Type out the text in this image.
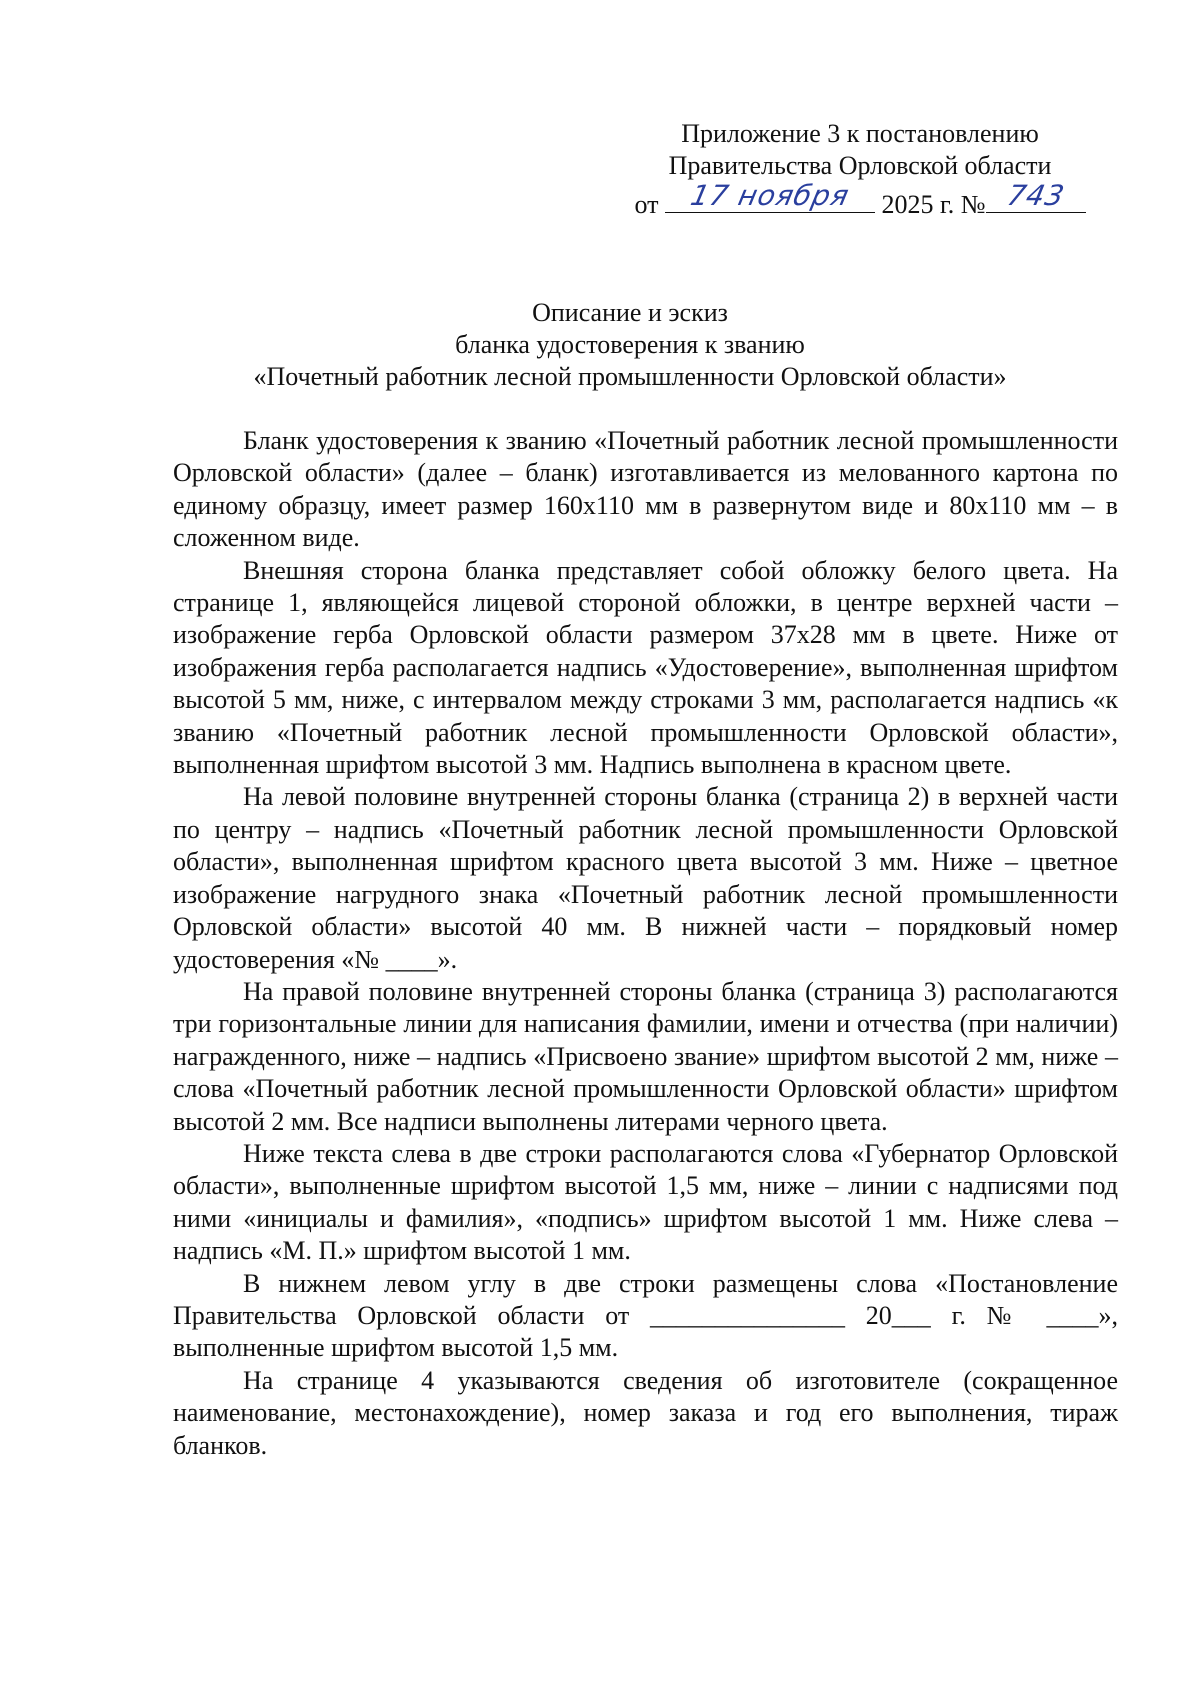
Приложение 3 к постановлению
Правительства Орловской области
от	17 ноября	2025 г. № 743
Описание и эскиз
бланка удостоверения к званию
«Почетный работник лесной промышленности Орловской области»

Бланк удостоверения к званию «Почетный работник лесной промышленности Орловской области» (далее – бланк) изготавливается из мелованного картона по единому образцу, имеет размер 160х110 мм в развернутом виде и 80х110 мм – в сложенном виде.

Внешняя сторона бланка представляет собой обложку белого цвета. На странице 1, являющейся лицевой стороной обложки, в центре верхней части – изображение герба Орловской области размером 37х28 мм в цвете. Ниже от изображения герба располагается надпись «Удостоверение», выполненная шрифтом высотой 5 мм, ниже, с интервалом между строками 3 мм, располагается надпись «к званию «Почетный работник лесной промышленности Орловской области», выполненная шрифтом высотой 3 мм. Надпись выполнена в красном цвете.

На левой половине внутренней стороны бланка (страница 2) в верхней части по центру – надпись «Почетный работник лесной промышленности Орловской области», выполненная шрифтом красного цвета высотой 3 мм. Ниже – цветное изображение нагрудного знака «Почетный работник лесной промышленности Орловской области» высотой 40 мм. В нижней части – порядковый номер удостоверения «№ ____».

На правой половине внутренней стороны бланка (страница 3) располагаются три горизонтальные линии для написания фамилии, имени и отчества (при наличии) награжденного, ниже – надпись «Присвоено звание» шрифтом высотой 2 мм, ниже – слова «Почетный работник лесной промышленности Орловской области» шрифтом высотой 2 мм. Все надписи выполнены литерами черного цвета.

Ниже текста слева в две строки располагаются слова «Губернатор Орловской области», выполненные шрифтом высотой 1,5 мм, ниже – линии с надписями под ними «инициалы и фамилия», «подпись» шрифтом высотой 1 мм. Ниже слева – надпись «М. П.» шрифтом высотой 1 мм.

В нижнем левом углу в две строки размещены слова «Постановление Правительства Орловской области от _______________ 20___ г. № ____», выполненные шрифтом высотой 1,5 мм.

На странице 4 указываются сведения об изготовителе (сокращенное наименование, местонахождение), номер заказа и год его выполнения, тираж бланков.
